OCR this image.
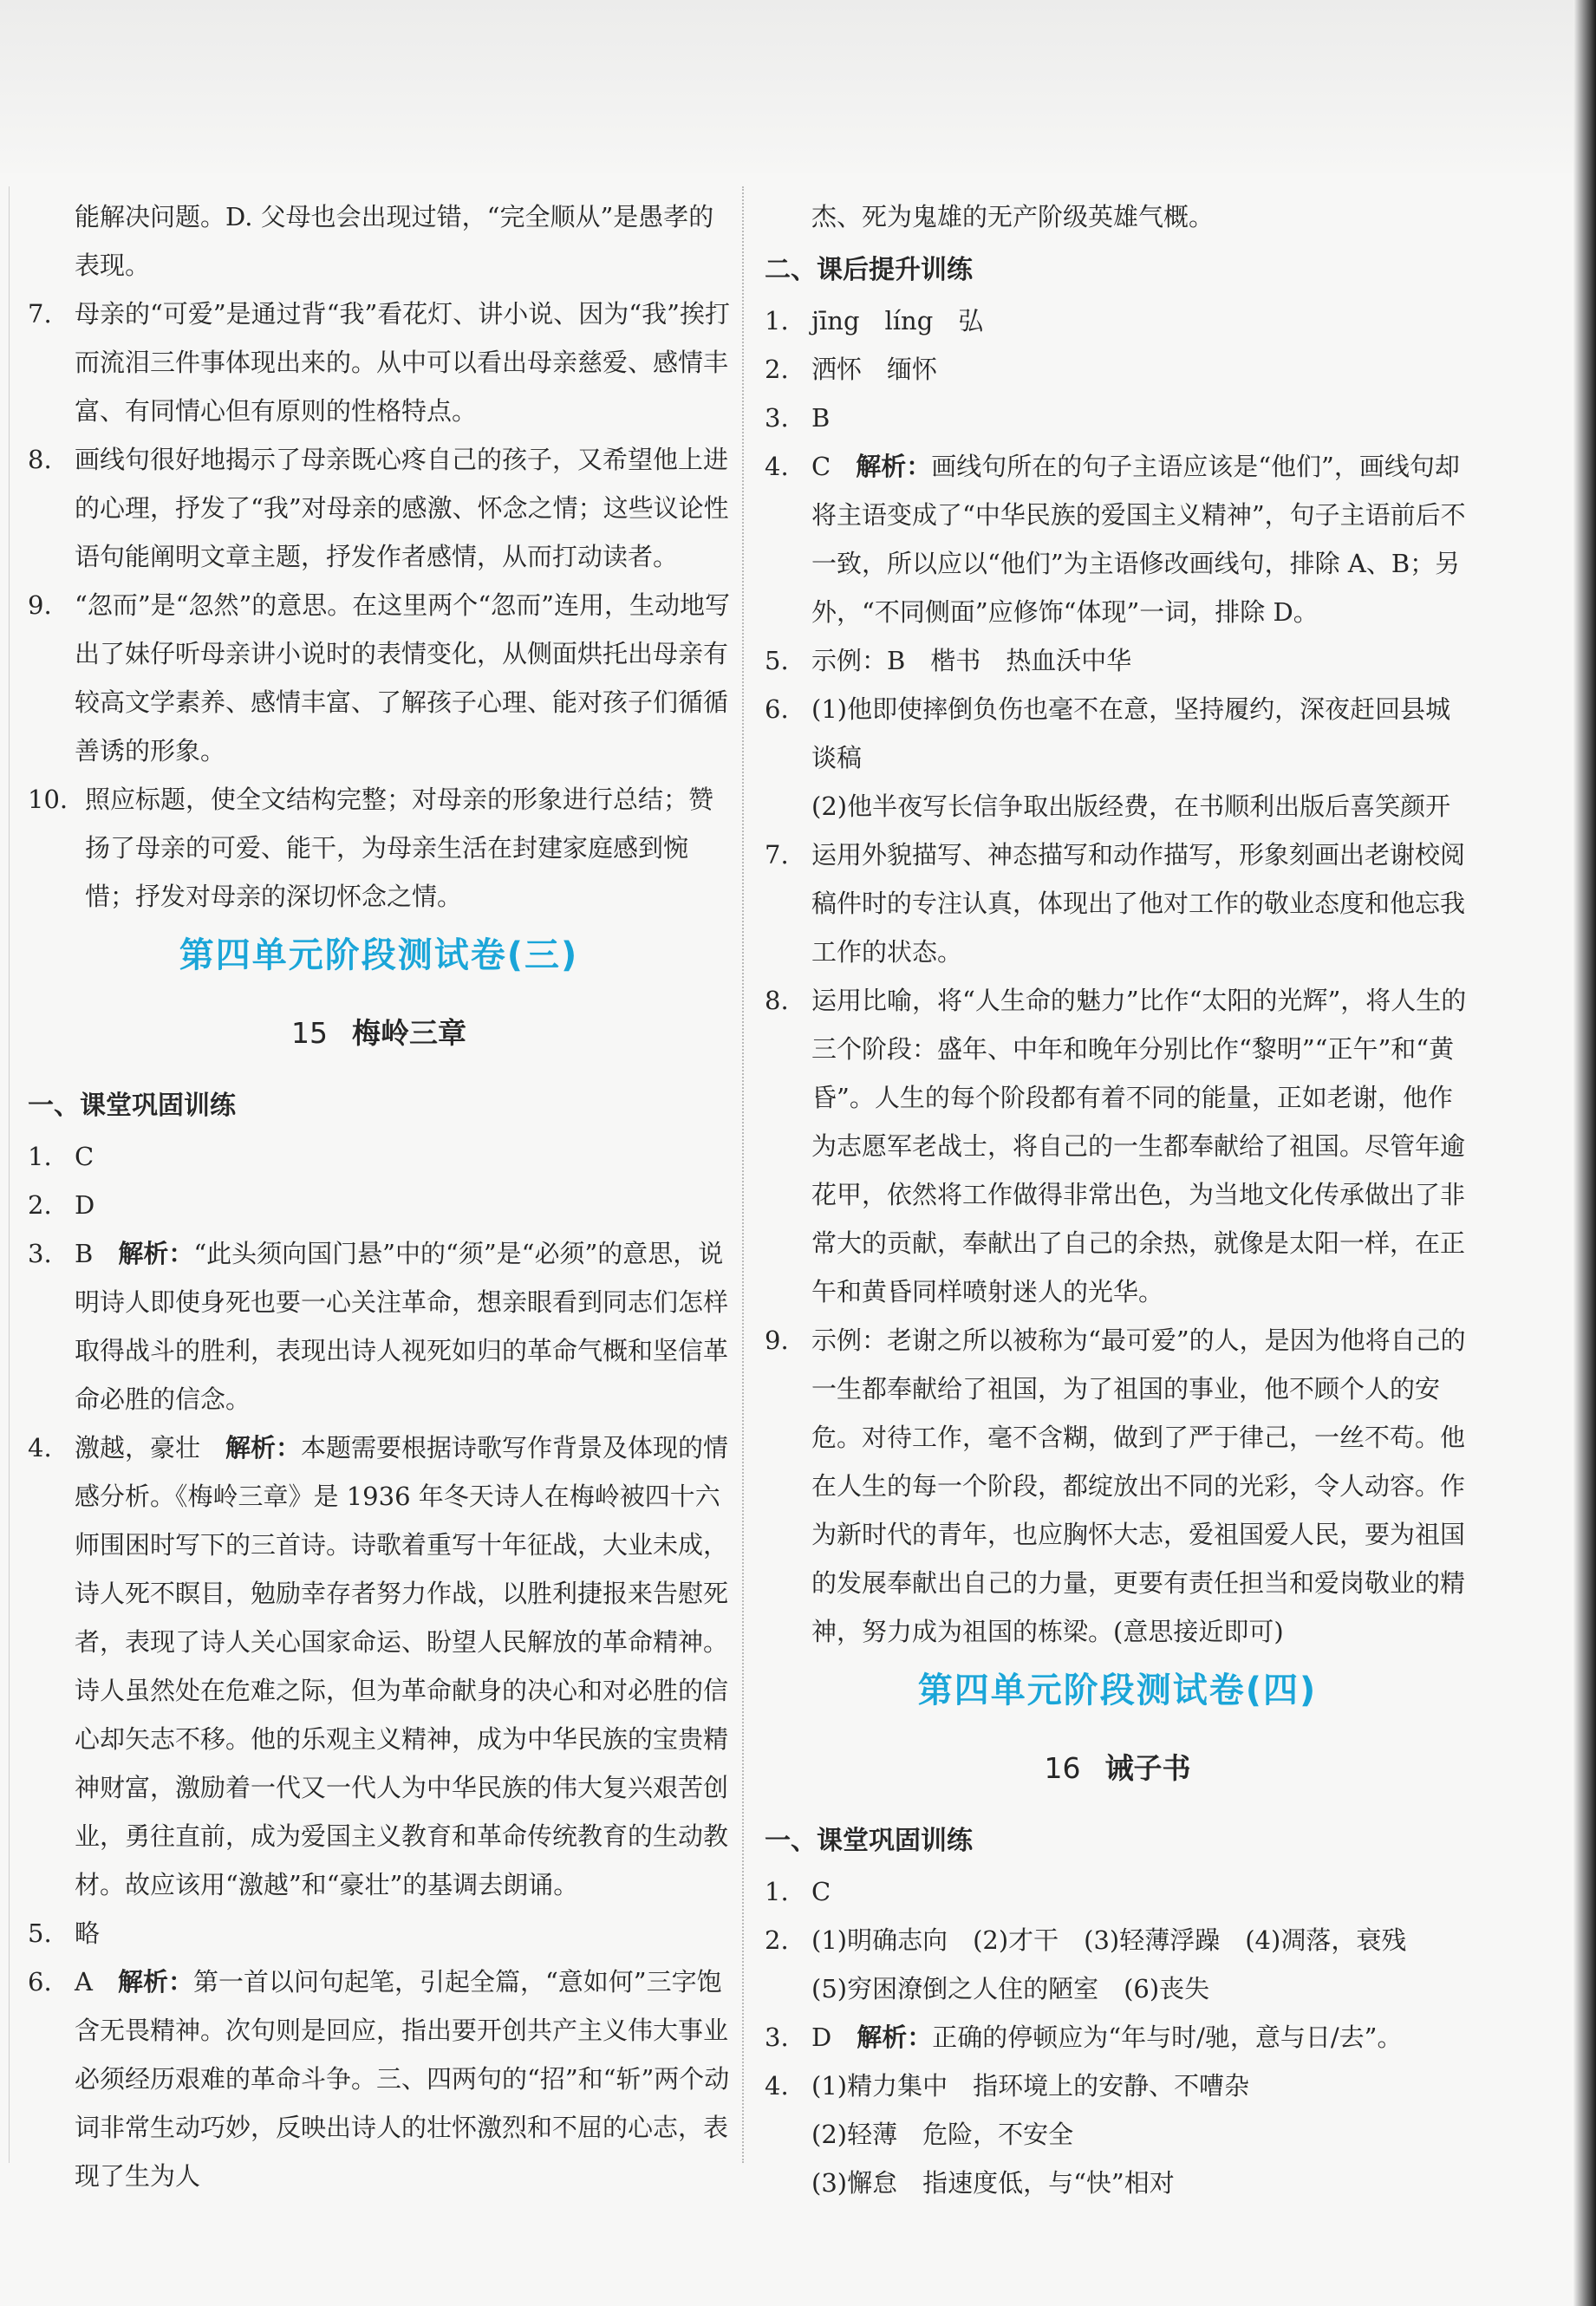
能解决问题。D. 父母也会出现过错，“完全顺从”是愚孝的表现。

7. 母亲的“可爱”是通过背“我”看花灯、讲小说、因为“我”挨打而流泪三件事体现出来的。从中可以看出母亲慈爱、感情丰富、有同情心但有原则的性格特点。

8. 画线句很好地揭示了母亲既心疼自己的孩子，又希望他上进的心理，抒发了“我”对母亲的感激、怀念之情；这些议论性语句能阐明文章主题，抒发作者感情，从而打动读者。

9. “忽而”是“忽然”的意思。在这里两个“忽而”连用，生动地写出了妹仔听母亲讲小说时的表情变化，从侧面烘托出母亲有较高文学素养、感情丰富、了解孩子心理、能对孩子们循循善诱的形象。

10. 照应标题，使全文结构完整；对母亲的形象进行总结；赞扬了母亲的可爱、能干，为母亲生活在封建家庭感到惋惜；抒发对母亲的深切怀念之情。

第四单元阶段测试卷(三)
15 梅岭三章
一、课堂巩固训练

1. C

2. D

3. B　 解析：“此头须向国门悬”中的“须”是“必须”的意思，说明诗人即使身死也要一心关注革命，想亲眼看到同志们怎样取得战斗的胜利，表现出诗人视死如归的革命气概和坚信革命必胜的信念。

4. 激越，豪壮　 解析：本题需要根据诗歌写作背景及体现的情感分析。《梅岭三章》是 1936 年冬天诗人在梅岭被四十六师围困时写下的三首诗。诗歌着重写十年征战，大业未成，诗人死不瞑目，勉励幸存者努力作战，以胜利捷报来告慰死者，表现了诗人关心国家命运、盼望人民解放的革命精神。诗人虽然处在危难之际，但为革命献身的决心和对必胜的信心却矢志不移。他的乐观主义精神，成为中华民族的宝贵精神财富，激励着一代又一代人为中华民族的伟大复兴艰苦创业，勇往直前，成为爱国主义教育和革命传统教育的生动教材。故应该用“激越”和“豪壮”的基调去朗诵。

5. 略

6. A　 解析：第一首以问句起笔，引起全篇，“意如何”三字饱含无畏精神。次句则是回应，指出要开创共产主义伟大事业必须经历艰难的革命斗争。三、四两句的“招”和“斩”两个动词非常生动巧妙，反映出诗人的壮怀激烈和不屈的心志，表现了生为人

杰、死为鬼雄的无产阶级英雄气概。

二、课后提升训练

1. jīng　líng　弘

2. 洒怀　缅怀

3. B

4. C　 解析：画线句所在的句子主语应该是“他们”，画线句却将主语变成了“中华民族的爱国主义精神”，句子主语前后不一致，所以应以“他们”为主语修改画线句，排除 A、B；另外，“不同侧面”应修饰“体现”一词，排除 D。

5. 示例：B　楷书　热血沃中华

6. (1)他即使摔倒负伤也毫不在意，坚持履约，深夜赶回县城谈稿

(2)他半夜写长信争取出版经费，在书顺利出版后喜笑颜开

7. 运用外貌描写、神态描写和动作描写，形象刻画出老谢校阅稿件时的专注认真，体现出了他对工作的敬业态度和他忘我工作的状态。

8. 运用比喻，将“人生命的魅力”比作“太阳的光辉”，将人生的三个阶段：盛年、中年和晚年分别比作“黎明”“正午”和“黄昏”。人生的每个阶段都有着不同的能量，正如老谢，他作为志愿军老战士，将自己的一生都奉献给了祖国。尽管年逾花甲，依然将工作做得非常出色，为当地文化传承做出了非常大的贡献，奉献出了自己的余热，就像是太阳一样，在正午和黄昏同样喷射迷人的光华。

9. 示例：老谢之所以被称为“最可爱”的人，是因为他将自己的一生都奉献给了祖国，为了祖国的事业，他不顾个人的安危。对待工作，毫不含糊，做到了严于律己，一丝不苟。他在人生的每一个阶段，都绽放出不同的光彩，令人动容。作为新时代的青年，也应胸怀大志，爱祖国爱人民，要为祖国的发展奉献出自己的力量，更要有责任担当和爱岗敬业的精神，努力成为祖国的栋梁。(意思接近即可)

第四单元阶段测试卷(四)
16 诫子书
一、课堂巩固训练

1. C

2. (1)明确志向　(2)才干　(3)轻薄浮躁　(4)凋落，衰残

(5)穷困潦倒之人住的陋室　(6)丧失

3. D　 解析：正确的停顿应为“年与时/驰，意与日/去”。

4. (1)精力集中　指环境上的安静、不嘈杂

(2)轻薄　危险，不安全
(3)懈怠　指速度低，与“快”相对
